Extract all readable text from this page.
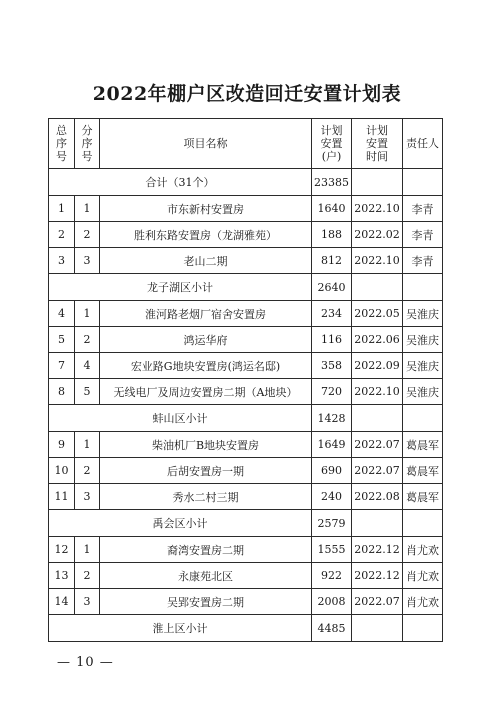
2022年棚户区改造回迁安置计划表
总
序
号	分
序
号	项目名称	计划
安置
(户)	计划
安置
时间	责任人
合计（31个）			23385		
1	1	市东新村安置房	1640	2022.10	李青
2	2	胜利东路安置房（龙湖雅苑）	188	2022.02	李青
3	3	老山二期	812	2022.10	李青
龙子湖区小计			2640		
4	1	淮河路老烟厂宿舍安置房	234	2022.05	吴淮庆
5	2	鸿运华府	116	2022.06	吴淮庆
7	4	宏业路G地块安置房(鸿运名邸)	358	2022.09	吴淮庆
8	5	无线电厂及周边安置房二期（A地块）	720	2022.10	吴淮庆
蚌山区小计			1428		
9	1	柴油机厂B地块安置房	1649	2022.07	葛晨军
10	2	后胡安置房一期	690	2022.07	葛晨军
11	3	秀水二村三期	240	2022.08	葛晨军
禹会区小计			2579		
12	1	裔湾安置房二期	1555	2022.12	肖尤欢
13	2	永康苑北区	922	2022.12	肖尤欢
14	3	吴郢安置房二期	2008	2022.07	肖尤欢
淮上区小计			4485		
— 10 —
